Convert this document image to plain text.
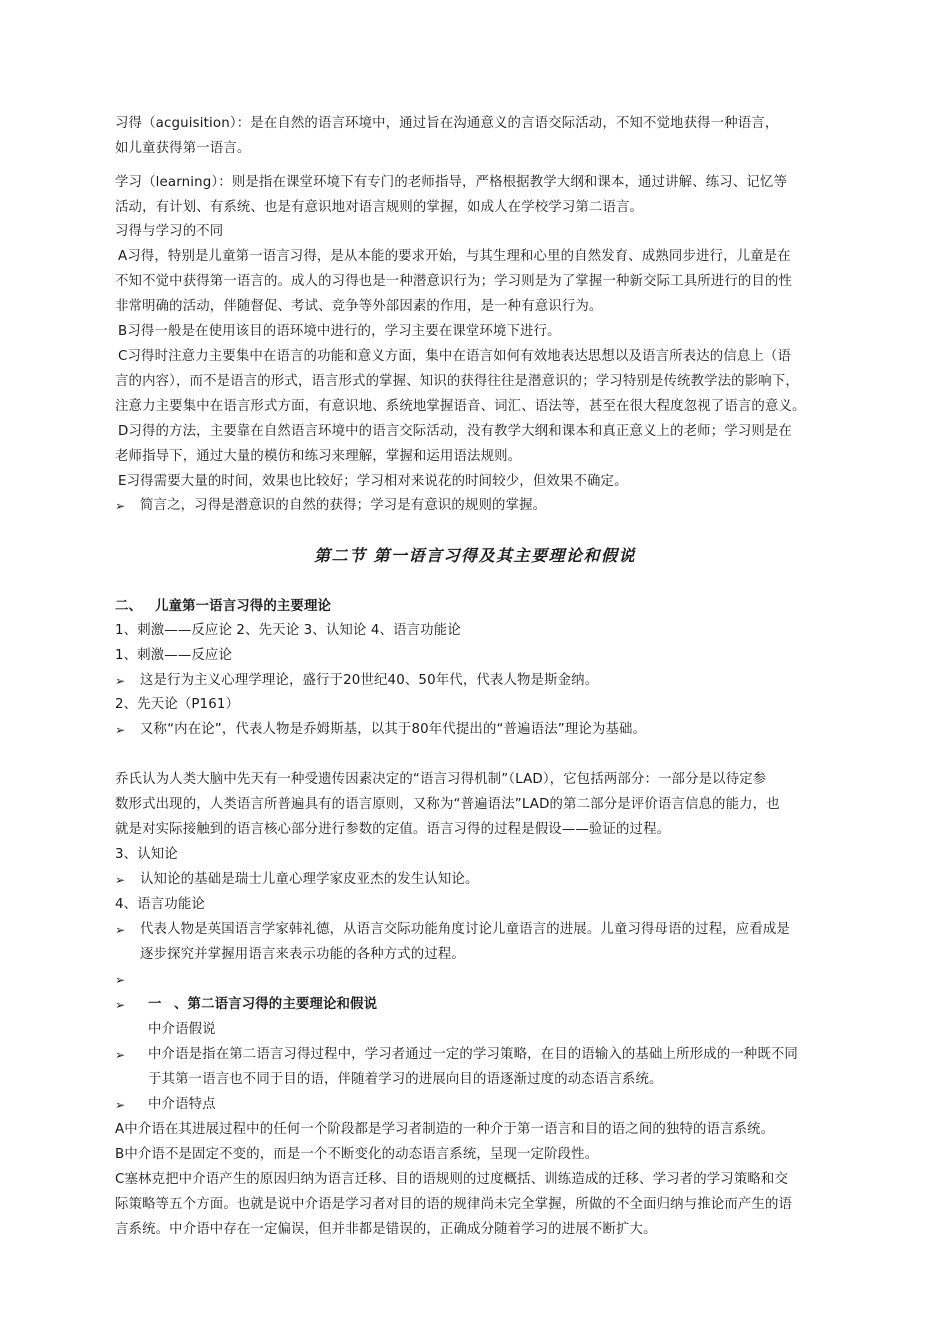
习得（acguisition）：是在自然的语言环境中，通过旨在沟通意义的言语交际活动，不知不觉地获得一种语言，
如儿童获得第一语言。
学习（learning）：则是指在课堂环境下有专门的老师指导，严格根据教学大纲和课本，通过讲解、练习、记忆等
活动，有计划、有系统、也是有意识地对语言规则的掌握，如成人在学校学习第二语言。
习得与学习的不同
A习得，特别是儿童第一语言习得，是从本能的要求开始，与其生理和心里的自然发育、成熟同步进行，儿童是在
不知不觉中获得第一语言的。成人的习得也是一种潜意识行为；学习则是为了掌握一种新交际工具所进行的目的性
非常明确的活动，伴随督促、考试、竞争等外部因素的作用，是一种有意识行为。
B习得一般是在使用该目的语环境中进行的，学习主要在课堂环境下进行。
C习得时注意力主要集中在语言的功能和意义方面，集中在语言如何有效地表达思想以及语言所表达的信息上（语
言的内容），而不是语言的形式，语言形式的掌握、知识的获得往往是潜意识的；学习特别是传统教学法的影响下，
注意力主要集中在语言形式方面，有意识地、系统地掌握语音、词汇、语法等，甚至在很大程度忽视了语言的意义。
D习得的方法，主要靠在自然语言环境中的语言交际活动，没有教学大纲和课本和真正意义上的老师；学习则是在
老师指导下，通过大量的模仿和练习来理解，掌握和运用语法规则。
E习得需要大量的时间，效果也比较好；学习相对来说花的时间较少，但效果不确定。
➢ 简言之，习得是潜意识的自然的获得；学习是有意识的规则的掌握。
第二节 第一语言习得及其主要理论和假说
二、 儿童第一语言习得的主要理论
1、刺激——反应论 2、先天论 3、认知论 4、语言功能论
1、刺激——反应论
➢ 这是行为主义心理学理论，盛行于20世纪40、50年代，代表人物是斯金纳。
2、先天论（P161）
➢ 又称“内在论”，代表人物是乔姆斯基，以其于80年代提出的“普遍语法”理论为基础。
乔氏认为人类大脑中先天有一种受遗传因素决定的“语言习得机制”（LAD），它包括两部分：一部分是以待定参
数形式出现的，人类语言所普遍具有的语言原则，又称为“普遍语法”LAD的第二部分是评价语言信息的能力，也
就是对实际接触到的语言核心部分进行参数的定值。语言习得的过程是假设——验证的过程。
3、认知论
➢ 认知论的基础是瑞士儿童心理学家皮亚杰的发生认知论。
4、语言功能论
➢ 代表人物是英国语言学家韩礼德，从语言交际功能角度讨论儿童语言的进展。儿童习得母语的过程，应看成是
逐步探究并掌握用语言来表示功能的各种方式的过程。
➢
➢ 一 、第二语言习得的主要理论和假说
中介语假说
➢ 中介语是指在第二语言习得过程中，学习者通过一定的学习策略，在目的语输入的基础上所形成的一种既不同
于其第一语言也不同于目的语，伴随着学习的进展向目的语逐渐过度的动态语言系统。
➢ 中介语特点
A中介语在其进展过程中的任何一个阶段都是学习者制造的一种介于第一语言和目的语之间的独特的语言系统。
B中介语不是固定不变的，而是一个不断变化的动态语言系统，呈现一定阶段性。
C塞林克把中介语产生的原因归纳为语言迁移、目的语规则的过度概括、训练造成的迁移、学习者的学习策略和交
际策略等五个方面。也就是说中介语是学习者对目的语的规律尚未完全掌握，所做的不全面归纳与推论而产生的语
言系统。中介语中存在一定偏误，但并非都是错误的，正确成分随着学习的进展不断扩大。
